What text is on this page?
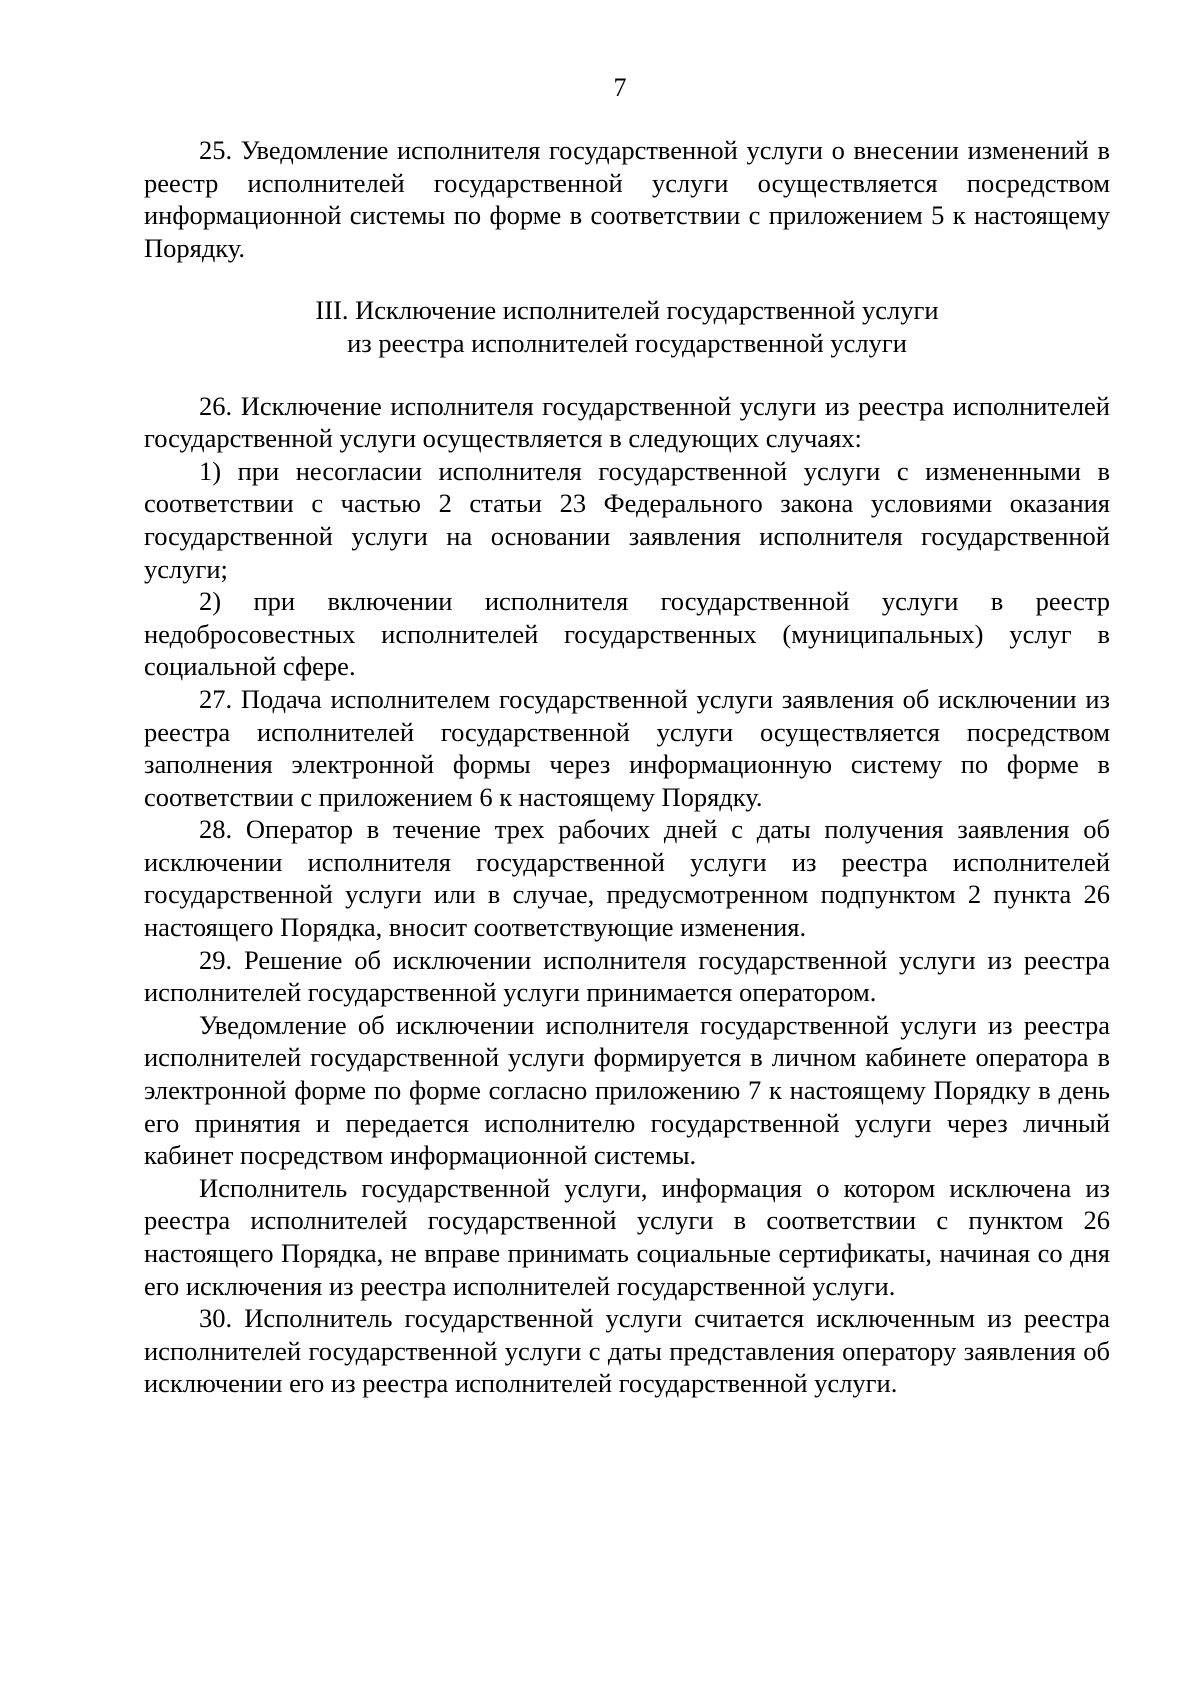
7

25. Уведомление исполнителя государственной услуги о внесении изменений в реестр исполнителей государственной услуги осуществляется посредством информационной системы по форме в соответствии с приложением 5 к настоящему Порядку.

III. Исключение исполнителей государственной услуги
из реестра исполнителей государственной услуги

26. Исключение исполнителя государственной услуги из реестра исполнителей государственной услуги осуществляется в следующих случаях:

1) при несогласии исполнителя государственной услуги с измененными в соответствии с частью 2 статьи 23 Федерального закона условиями оказания государственной услуги на основании заявления исполнителя государственной услуги;

2) при включении исполнителя государственной услуги в реестр недобросовестных исполнителей государственных (муниципальных) услуг в социальной сфере.

27. Подача исполнителем государственной услуги заявления об исключении из реестра исполнителей государственной услуги осуществляется посредством заполнения электронной формы через информационную систему по форме в соответствии с приложением 6 к настоящему Порядку.

28. Оператор в течение трех рабочих дней с даты получения заявления об исключении исполнителя государственной услуги из реестра исполнителей государственной услуги или в случае, предусмотренном подпунктом 2 пункта 26 настоящего Порядка, вносит соответствующие изменения.

29. Решение об исключении исполнителя государственной услуги из реестра исполнителей государственной услуги принимается оператором.

Уведомление об исключении исполнителя государственной услуги из реестра исполнителей государственной услуги формируется в личном кабинете оператора в электронной форме по форме согласно приложению 7 к настоящему Порядку в день его принятия и передается исполнителю государственной услуги через личный кабинет посредством информационной системы.

Исполнитель государственной услуги, информация о котором исключена из реестра исполнителей государственной услуги в соответствии с пунктом 26 настоящего Порядка, не вправе принимать социальные сертификаты, начиная со дня его исключения из реестра исполнителей государственной услуги.

30. Исполнитель государственной услуги считается исключенным из реестра исполнителей государственной услуги с даты представления оператору заявления об исключении его из реестра исполнителей государственной услуги.
